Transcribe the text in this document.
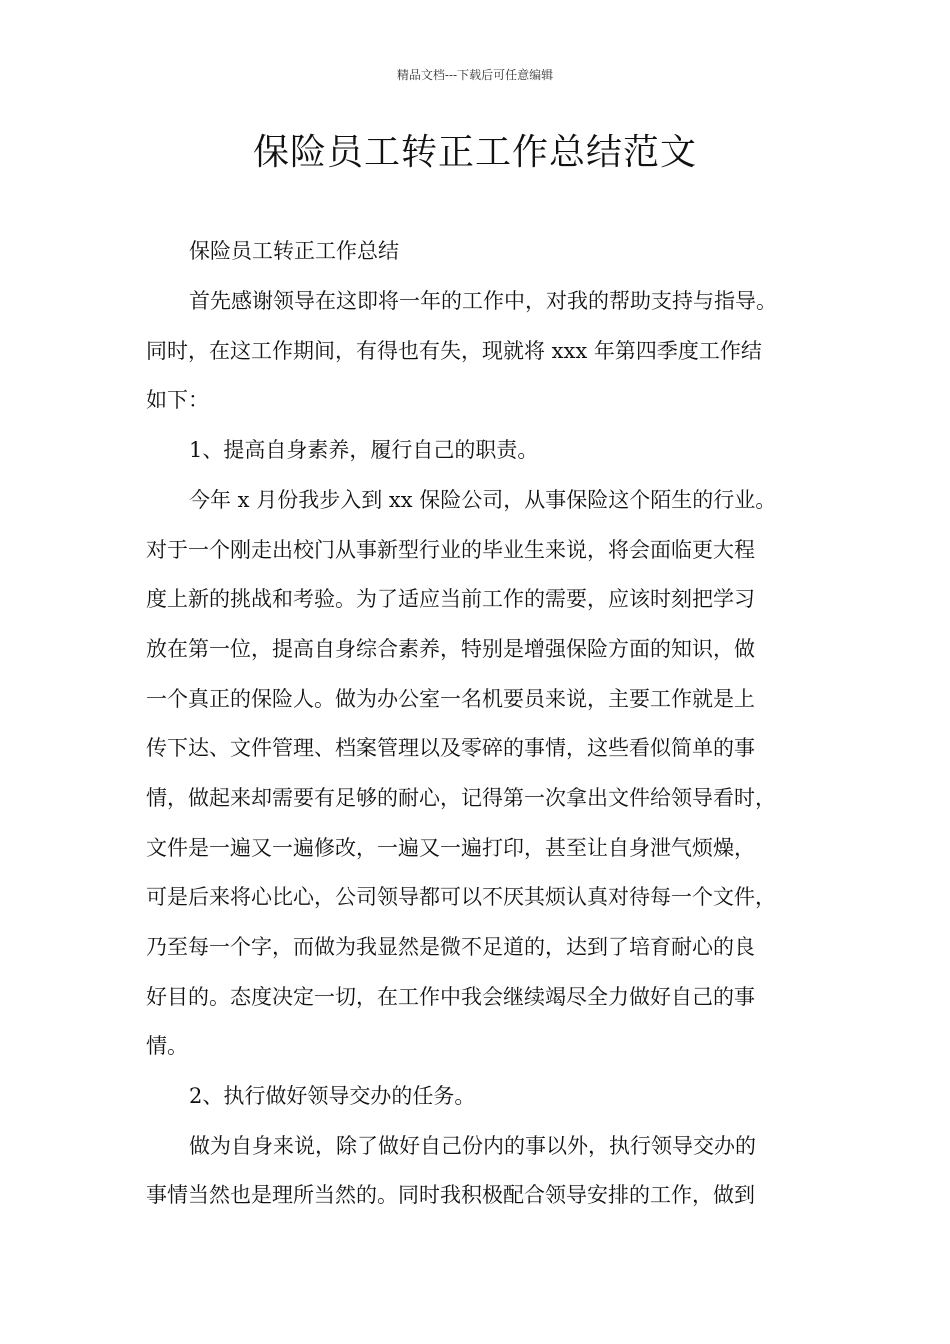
精品文档---下载后可任意编辑
保险员工转正工作总结范文
保险员工转正工作总结
首先感谢领导在这即将一年的工作中，对我的帮助支持与指导。
同时，在这工作期间，有得也有失，现就将 xxx 年第四季度工作结
如下：
1、提高自身素养，履行自己的职责。
今年 x 月份我步入到 xx 保险公司，从事保险这个陌生的行业。
对于一个刚走出校门从事新型行业的毕业生来说，将会面临更大程
度上新的挑战和考验。为了适应当前工作的需要，应该时刻把学习
放在第一位，提高自身综合素养，特别是增强保险方面的知识，做
一个真正的保险人。做为办公室一名机要员来说，主要工作就是上
传下达、文件管理、档案管理以及零碎的事情，这些看似简单的事
情，做起来却需要有足够的耐心，记得第一次拿出文件给领导看时，
文件是一遍又一遍修改，一遍又一遍打印，甚至让自身泄气烦燥，
可是后来将心比心，公司领导都可以不厌其烦认真对待每一个文件，
乃至每一个字，而做为我显然是微不足道的，达到了培育耐心的良
好目的。态度决定一切，在工作中我会继续竭尽全力做好自己的事
情。
2、执行做好领导交办的任务。
做为自身来说，除了做好自己份内的事以外，执行领导交办的
事情当然也是理所当然的。同时我积极配合领导安排的工作，做到
